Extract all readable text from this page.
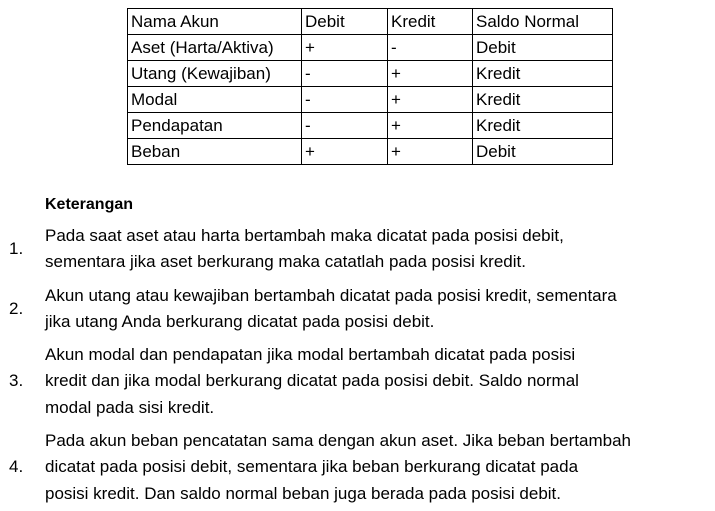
Nama Akun	Debit	Kredit	Saldo Normal
Aset (Harta/Aktiva)	+	-	Debit
Utang (Kewajiban)	-	+	Kredit
Modal	-	+	Kredit
Pendapatan	-	+	Kredit
Beban	+	+	Debit
Keterangan
1.
Pada saat aset atau harta bertambah maka dicatat pada posisi debit,
sementara jika aset berkurang maka catatlah pada posisi kredit.
2.
Akun utang atau kewajiban bertambah dicatat pada posisi kredit, sementara
jika utang Anda berkurang dicatat pada posisi debit.
3.
Akun modal dan pendapatan jika modal bertambah dicatat pada posisi
kredit dan jika modal berkurang dicatat pada posisi debit. Saldo normal
modal pada sisi kredit.
4.
Pada akun beban pencatatan sama dengan akun aset. Jika beban bertambah
dicatat pada posisi debit, sementara jika beban berkurang dicatat pada
posisi kredit. Dan saldo normal beban juga berada pada posisi debit.
